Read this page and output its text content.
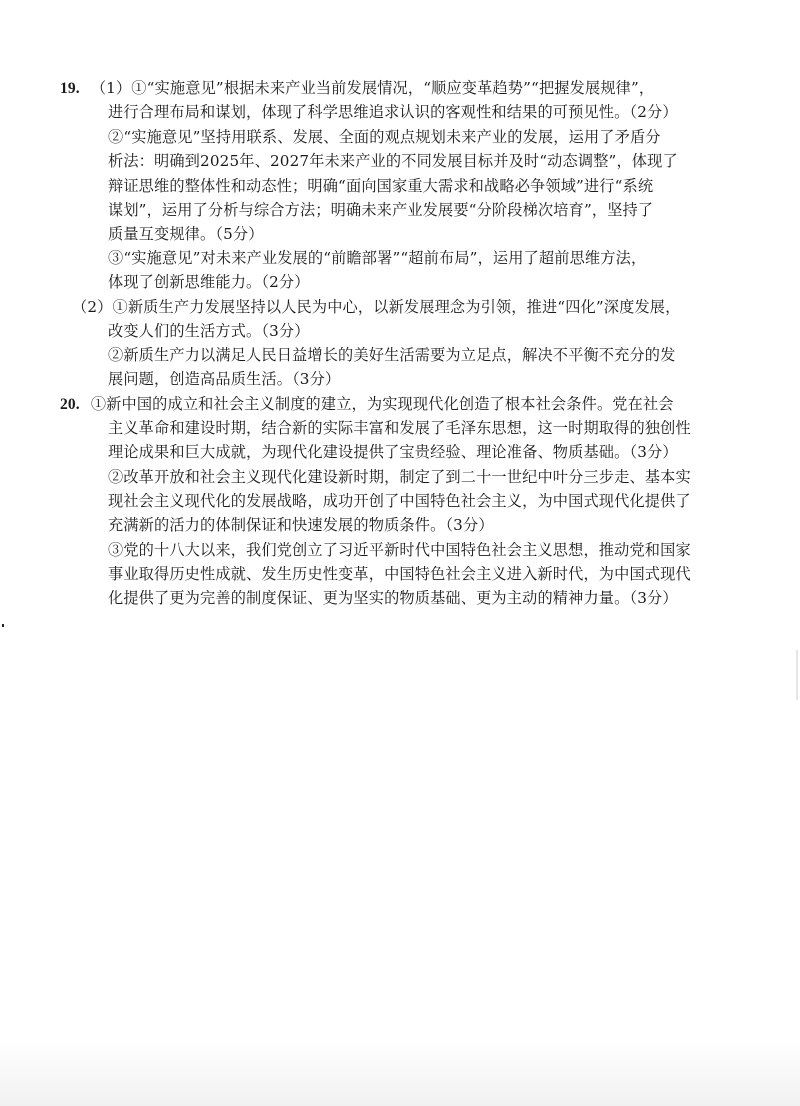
19. （1）①“实施意见”根据未来产业当前发展情况，“顺应变革趋势”“把握发展规律”，
进行合理布局和谋划，体现了科学思维追求认识的客观性和结果的可预见性。（2分）
②“实施意见”坚持用联系、发展、全面的观点规划未来产业的发展，运用了矛盾分
析法：明确到2025年、2027年未来产业的不同发展目标并及时“动态调整”，体现了
辩证思维的整体性和动态性；明确“面向国家重大需求和战略必争领域”进行“系统
谋划”，运用了分析与综合方法；明确未来产业发展要“分阶段梯次培育”，坚持了
质量互变规律。（5分）
③“实施意见”对未来产业发展的“前瞻部署”“超前布局”，运用了超前思维方法，
体现了创新思维能力。（2分）
（2）①新质生产力发展坚持以人民为中心，以新发展理念为引领，推进“四化”深度发展，
改变人们的生活方式。（3分）
②新质生产力以满足人民日益增长的美好生活需要为立足点，解决不平衡不充分的发
展问题，创造高品质生活。（3分）
20. ①新中国的成立和社会主义制度的建立，为实现现代化创造了根本社会条件。党在社会
主义革命和建设时期，结合新的实际丰富和发展了毛泽东思想，这一时期取得的独创性
理论成果和巨大成就，为现代化建设提供了宝贵经验、理论准备、物质基础。（3分）
②改革开放和社会主义现代化建设新时期，制定了到二十一世纪中叶分三步走、基本实
现社会主义现代化的发展战略，成功开创了中国特色社会主义，为中国式现代化提供了
充满新的活力的体制保证和快速发展的物质条件。（3分）
③党的十八大以来，我们党创立了习近平新时代中国特色社会主义思想，推动党和国家
事业取得历史性成就、发生历史性变革，中国特色社会主义进入新时代，为中国式现代
化提供了更为完善的制度保证、更为坚实的物质基础、更为主动的精神力量。（3分）
